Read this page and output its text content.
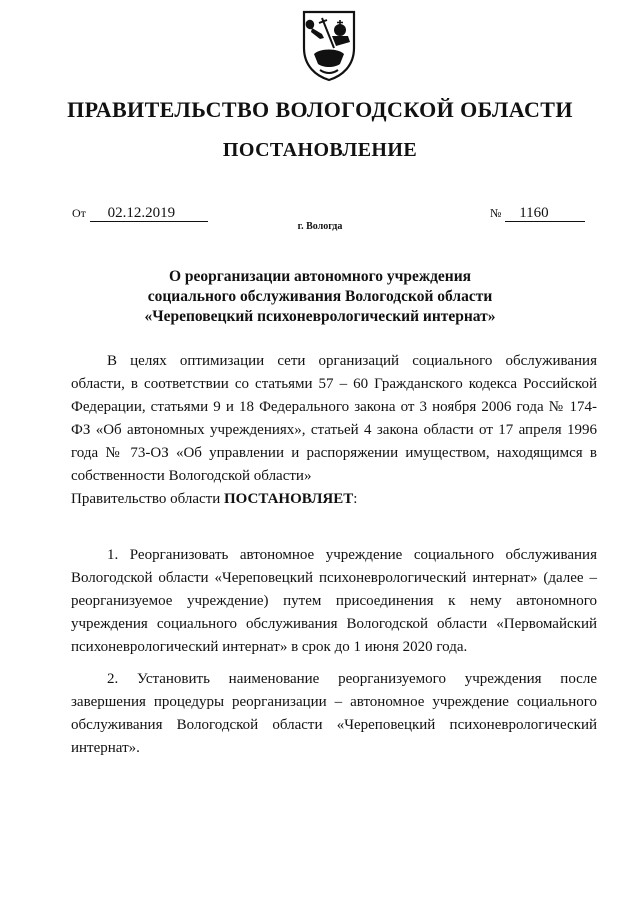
ПРАВИТЕЛЬСТВО ВОЛОГОДСКОЙ ОБЛАСТИ
ПОСТАНОВЛЕНИЕ
От 02.12.2019	№ 1160
г. Вологда
О реорганизации автономного учреждения
социального обслуживания Вологодской области
«Череповецкий психоневрологический интернат»

В целях оптимизации сети организаций социального обслуживания области, в соответствии со статьями 57 – 60 Гражданского кодекса Российской Федерации, статьями 9 и 18 Федерального закона от 3 ноября 2006 года № 174-ФЗ «Об автономных учреждениях», статьей 4 закона области от 17 апреля 1996 года № 73-ОЗ «Об управлении и распоряжении имуществом, находящимся в собственности Вологодской области»

Правительство области ПОСТАНОВЛЯЕТ:

1. Реорганизовать автономное учреждение социального обслуживания Вологодской области «Череповецкий психоневрологический интернат» (далее – реорганизуемое учреждение) путем присоединения к нему автономного учреждения социального обслуживания Вологодской области «Первомайский психоневрологический интернат» в срок до 1 июня 2020 года.

2. Установить наименование реорганизуемого учреждения после завершения процедуры реорганизации – автономное учреждение социального обслуживания Вологодской области «Череповецкий психоневрологический интернат».
